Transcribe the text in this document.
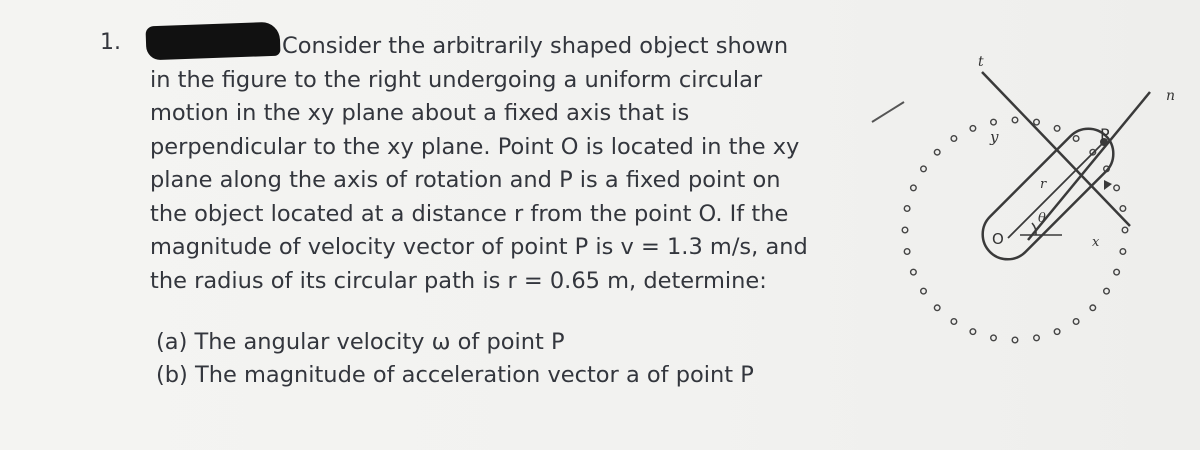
1.	Consider the arbitrarily shaped object shown
in the figure to the right undergoing a uniform circular
motion in the xy plane about a fixed axis that is
perpendicular to the xy plane. Point O is located in the xy
plane along the axis of rotation and P is a fixed point on
the object located at a distance r from the point O. If the
magnitude of velocity vector of point P is v = 1.3 m/s, and
the radius of its circular path is r = 0.65 m, determine:
(a) The angular velocity ω of point P
(b) The magnitude of acceleration vector a of point P
t
n
y
x
r
θ
O
P
